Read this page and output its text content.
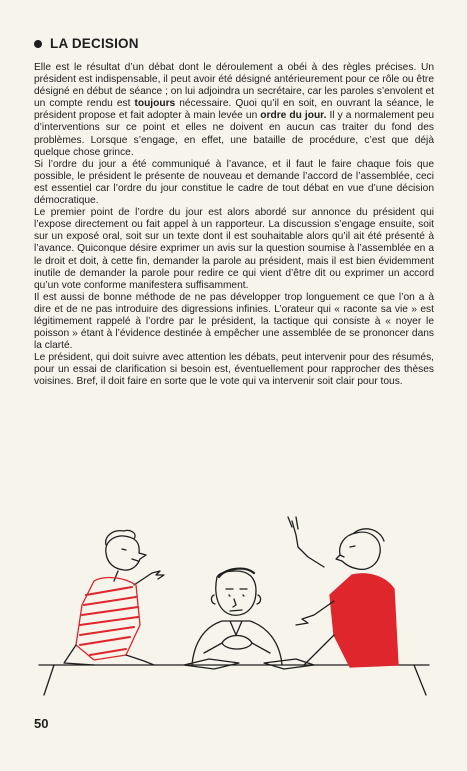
LA DECISION

Elle est le résultat d’un débat dont le déroulement a obéi à des règles précises. Un président est indispensable, il peut avoir été désigné antérieurement pour ce rôle ou être désigné en début de séance ; on lui adjoindra un secrétaire, car les paroles s’envolent et un compte rendu est toujours nécessaire. Quoi qu’il en soit, en ouvrant la séance, le président propose et fait adopter à main levée un ordre du jour. Il y a normalement peu d’interventions sur ce point et elles ne doivent en aucun cas traiter du fond des problèmes. Lorsque s’engage, en effet, une bataille de procédure, c’est que déjà quelque chose grince.

Si l’ordre du jour a été communiqué à l’avance, et il faut le faire chaque fois que possible, le président le présente de nouveau et demande l’accord de l’assemblée, ceci est essentiel car l’ordre du jour constitue le cadre de tout débat en vue d’une décision démocratique.

Le premier point de l’ordre du jour est alors abordé sur annonce du président qui l’expose directement ou fait appel à un rapporteur. La discussion s’engage ensuite, soit sur un exposé oral, soit sur un texte dont il est souhaitable alors qu’il ait été présenté à l’avance. Quiconque désire exprimer un avis sur la question soumise à l’assemblée en a le droit et doit, à cette fin, demander la parole au président, mais il est bien évidemment inutile de demander la parole pour redire ce qui vient d’être dit ou exprimer un accord qu’un vote conforme manifestera suffisamment.

Il est aussi de bonne méthode de ne pas développer trop longuement ce que l’on a à dire et de ne pas introduire des digressions infinies. L’orateur qui « raconte sa vie » est légitimement rappelé à l’ordre par le président, la tactique qui consiste à « noyer le poisson » étant à l’évidence destinée à empêcher une assemblée de se prononcer dans la clarté.

Le président, qui doit suivre avec attention les débats, peut intervenir pour des résumés, pour un essai de clarification si besoin est, éventuellement pour rapprocher des thèses voisines. Bref, il doit faire en sorte que le vote qui va intervenir soit clair pour tous.

50
